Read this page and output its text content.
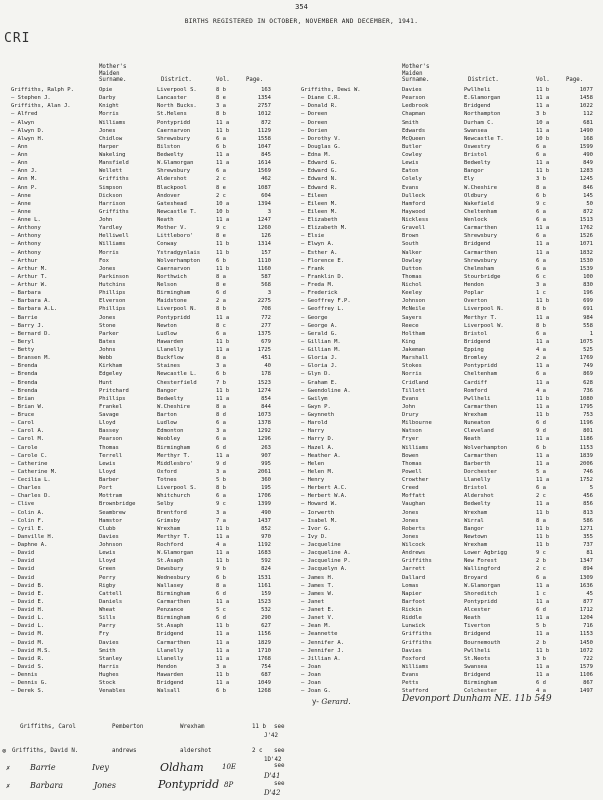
354
BIRTHS REGISTERED IN OCTOBER, NOVEMBER AND DECEMBER, 1941.
CRI
Mother's
Maiden
Surname.	District.	Vol.	Page.
Griffiths, Ralph P.	Opie	Liverpool S.	8 b	163
— Stephen J.	Darby	Lancaster	8 e	1354
Griffiths, Alan J.	Knight	North Bucks.	3 a	2757
— Alfred	Morris	St.Helens	8 b	1012
— Alwyn	Williams	Pontypridd	11 a	872
— Alwyn D.	Jones	Caernarvon	11 b	1129
— Alwyn H.	Chidlow	Shrewsbury	6 a	1558
— Ann	Harper	Bilston	6 b	1047
— Ann	Wakeling	Bedwelty	11 a	845
— Ann	Mansfield	W.Glamorgan	11 a	1614
— Ann J.	Wellett	Shrewsbury	6 a	1569
— Ann M.	Griffiths	Aldershot	2 c	462
— Ann P.	Simpson	Blackpool	8 e	1087
— Anne	Dickson	Andover	2 c	604
— Anne	Harrison	Gateshead	10 a	1394
— Anne	Griffiths	Newcastle T.	10 b	3
— Anne L.	John	Neath	11 a	1247
— Anthony	Yardley	Mother V.	9 c	1260
— Anthony	Helliwell	Littleboro'	8 e	126
— Anthony	Williams	Conway	11 b	1314
— Anthony	Morris	Ystradgynlais	11 b	157
— Arthur	Fox	Wolverhampton	6 b	1110
— Arthur M.	Jones	Caernarvon	11 b	1160
— Arthur T.	Parkinson	Northwich	8 a	587
— Arthur W.	Hutchins	Nelson	8 e	568
— Barbara	Phillips	Birmingham	6 d	3
— Barbara A.	Elverson	Maidstone	2 a	2275
— Barbara A.L.	Phillips	Liverpool N.	8 b	708
— Barrie	Jones	Pontypridd	11 a	772
— Barry J.	Stone	Newton	8 c	277
— Bernard D.	Parker	Ludlow	6 a	1375
— Beryl	Bates	Hawarden	11 b	679
— Betty	Johns	Llanelly	11 a	1725
— Bransen M.	Webb	Buckflow	8 a	451
— Brenda	Kirkham	Staines	3 a	40
— Brenda	Edgeley	Newcastle L.	6 b	178
— Brenda	Hunt	Chesterfield	7 b	1523
— Brenda	Pritchard	Bangor	11 b	1274
— Brian	Phillips	Bedwelty	11 a	854
— Brian W.	Frankel	W.Cheshire	8 a	844
— Bruce	Savage	Barton	8 d	1073
— Carol	Lloyd	Ludlow	6 a	1378
— Carol A.	Bassey	Edmonton	3 a	1292
— Carol M.	Pearson	Weobley	6 a	1296
— Carole	Thomas	Birmingham	6 d	263
— Carole C.	Terrell	Merthyr T.	11 a	907
— Catherine	Lewis	Middlesbro'	9 d	995
— Catherine M.	Lloyd	Oxford	3 a	2061
— Cecilia L.	Barber	Totnes	5 b	360
— Charles	Port	Liverpool S.	8 b	195
— Charles D.	Mottram	Whitchurch	6 a	1706
— Clive	Brownbridge	Selby	9 c	1399
— Colin A.	Seambrew	Brentford	3 a	490
— Colin F.	Hamstor	Grimsby	7 a	1437
— Cyril E.	Clubb	Wrexham	11 b	852
— Danville H.	Davies	Merthyr T.	11 a	970
— Daphne A.	Johnson	Rochford	4 a	1192
— David	Lewis	W.Glamorgan	11 a	1683
— David	Lloyd	St.Asaph	11 b	592
— David	Green	Dewsbury	9 b	824
— David	Perry	Wednesbury	6 b	1531
— David B.	Rigby	Wallasey	8 a	1161
— David E.	Cattell	Birmingham	6 d	159
— David E.	Daniels	Carmarthen	11 a	1523
— David H.	Wheat	Penzance	5 c	532
— David L.	Sills	Birmingham	6 d	290
— David L.	Parry	St.Asaph	11 b	627
— David M.	Fry	Bridgend	11 a	1156
— David M.	Davies	Carmarthen	11 a	1829
— David M.S.	Smith	Llanelly	11 a	1710
— David R.	Stanley	Llanelly	11 a	1768
— David S.	Harris	Hendon	3 a	754
— Dennis	Hughes	Hawarden	11 b	687
— Dennis G.	Stock	Bridgend	11 a	1049
— Derek S.	Venables	Walsall	6 b	1268
Mother's
Maiden
Surname.	District.	Vol.	Page.
Griffiths, Dewi W.	Davies	Pwllheli	11 b	1077
— Diane C.R.	Pearson	E.Glamorgan	11 a	1458
— Donald R.	Ledbrook	Bridgend	11 a	1022
— Doreen	Chapman	Northampton	3 b	112
— Doreen	Smith	Durham C.	10 a	681
— Dorien	Edwards	Swansea	11 a	1490
— Dorothy V.	McQueen	Newcastle T.	10 b	168
— Douglas G.	Butler	Oswestry	6 a	1599
— Edna M.	Cowley	Bristol	6 a	490
— Edward G.	Lewis	Bedwelty	11 a	849
— Edward G.	Eaton	Bangor	11 b	1283
— Edward N.	Colely	Ely	3 b	1245
— Edward R.	Evans	W.Cheshire	8 a	846
— Eileen	Dulleck	Oldbury	6 b	145
— Eileen M.	Hamford	Wakefield	9 c	50
— Eileen M.	Haywood	Cheltenham	6 a	872
— Elizabeth	Nickless	Wenlock	6 a	1513
— Elizabeth M.	Gravell	Carmarthen	11 a	1762
— Elsie	Brown	Shrewsbury	6 a	1526
— Elwyn A.	South	Bridgend	11 a	1071
— Esther A.	Walker	Carmarthen	11 a	1832
— Florence E.	Dowley	Shrewsbury	6 a	1530
— Frank	Dutton	Chelmsham	6 a	1539
— Franklin D.	Thomas	Stourbridge	6 c	100
— Freda M.	Nichol	Hendon	3 a	830
— Frederick	Keeley	Poplar	1 c	196
— Geoffrey F.P.	Johnson	Overton	11 b	699
— Geoffrey L.	McNeile	Liverpool N.	8 b	691
— George	Sayers	Merthyr T.	11 a	984
— George A.	Reece	Liverpool W.	8 b	558
— Gerald G.	Holtham	Bristol	6 a	1
— Gillian M.	King	Bridgend	11 a	1075
— Gillian M.	Jakeman	Epping	4 a	525
— Gloria J.	Marshall	Bromley	2 a	1769
— Gloria J.	Stokes	Pontypridd	11 a	749
— Glyn D.	Norris	Cheltenham	6 a	869
— Graham E.	Cridland	Cardiff	11 a	628
— Gwendoline A.	Tillott	Romford	4 a	736
— Gwilym	Evans	Pwllheli	11 b	1080
— Gwyn P.	John	Carmarthen	11 a	1795
— Gwynneth	Drury	Wrexham	11 b	753
— Harold	Milbourne	Nuneaton	6 d	1196
— Harry	Watson	Cleveland	9 d	801
— Harry D.	Fryer	Neath	11 a	1186
— Hazel A.	Williams	Wolverhampton	6 b	1153
— Heather A.	Bowen	Carmarthen	11 a	1839
— Helen	Thomas	Barberth	11 a	2006
— Helen M.	Powell	Dorchester	5 a	746
— Henry	Crowther	Llanelly	11 a	1752
— Herbert A.C.	Creed	Bristol	6 a	5
— Herbert W.A.	Moffatt	Aldershot	2 c	456
— Howard W.	Vaughan	Bedwelty	11 a	856
— Iorwerth	Jones	Wrexham	11 b	813
— Isabel M.	Jones	Wirral	8 a	586
— Ivor G.	Roberts	Bangor	11 b	1271
— Ivy D.	Jones	Newtown	11 b	355
— Jacqueline	Wilcock	Wrexham	11 b	737
— Jacqueline A.	Andrews	Lower Agbrigg	9 c	81
— Jacqueline P.	Griffiths	New Forest	2 b	1347
— Jacquelyn A.	Jarrett	Wallingford	2 c	894
— James H.	Dallard	Broyard	6 a	1309
— James T.	Lomas	W.Glamorgan	11 a	1636
— James W.	Napier	Shoreditch	1 c	45
— Janet	Barfoot	Pontypridd	11 a	877
— Janet E.	Rickin	Alcester	6 d	1712
— Janet V.	Riddle	Neath	11 a	1204
— Jean M.	Lunwick	Tiverton	5 b	716
— Jeannette	Griffiths	Bridgend	11 a	1153
— Jennifer A.	Griffiths	Bournemouth	2 b	1450
— Jennifer J.	Davies	Pwllheli	11 b	1072
— Jillian A.	Foxford	St.Neots	3 b	722
— Joan	Williams	Swansea	11 a	1579
— Joan	Evans	Bridgend	11 a	1106
— Joan	Petts	Birmingham	6 d	867
— Joan G.	Stafford	Colchester	4 a	1497
y- Gerard.	Devonport Dunham NE. 11b 549
Griffiths, Carol	Pemberton	Wrexham	11 b see
J'42
⊗ Griffiths, David N.	andrews	aldershot	2 c see
1D'42
✗ Barrie	Ivey	Oldham	10E	see
D'41
✗ Barbara	Jones	Pontypridd 8P	see
D'42
